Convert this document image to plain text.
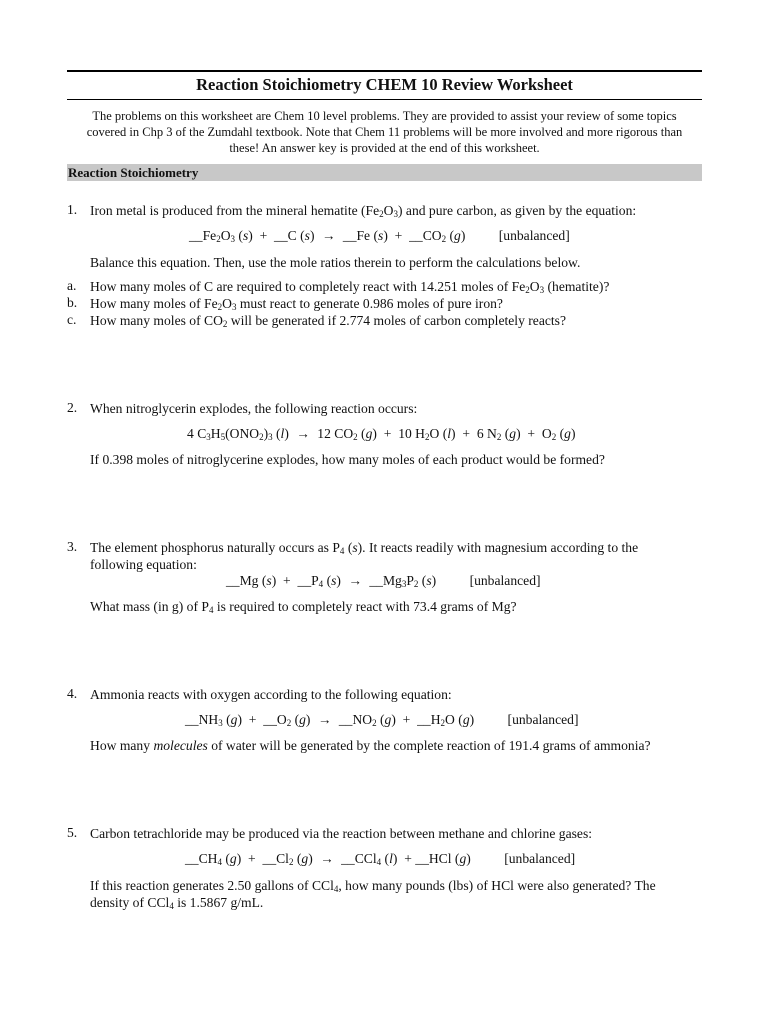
Reaction Stoichiometry CHEM 10 Review Worksheet
The problems on this worksheet are Chem 10 level problems. They are provided to assist your review of some topics
covered in Chp 3 of the Zumdahl textbook. Note that Chem 11 problems will be more involved and more rigorous than
these! An answer key is provided at the end of this worksheet.
Reaction Stoichiometry
1. Iron metal is produced from the mineral hematite $(Fe_2O_3)$ and pure carbon, as given by the equation:
$\_\_Fe_2O_3$ (s)  + __C (s) → __Fe $(s) + \_\_CO_2$ (g) [unbalanced]
Balance this equation. Then, use the mole ratios therein to perform the calculations below.
a. How many moles of C are required to completely react with 14.251 moles of $Fe_2O_3$ (hematite)?
b. How many moles of $Fe_2O_3$ must react to generate 0.986 moles of pure iron?
c. How many moles of $CO_2$ will be generated if 2.774 moles of carbon completely reacts?
2. When nitroglycerin explodes, the following reaction occurs:
4 $C_3H_5(ONO_2)_3$ (l) → 12 $CO_2$ (g)  + 10 $H_2O$ (l)  + 6 $N_2$ $(g) + O_2$ (g)
If 0.398 moles of nitroglycerine explodes, how many moles of each product would be formed?
3. The element phosphorus naturally occurs as $P_4$ (s). It reacts readily with magnesium according to the
following equation:
__Mg $(s) + \_\_P_4$ $(s) \to \_\_Mg_3P_2$ (s) [unbalanced]
What mass (in g) of $P_4$ is required to completely react with 73.4 grams of Mg?
4. Ammonia reacts with oxygen according to the following equation:
$\_\_NH_3$ $(g) + \_\_O_2$ $(g) \to \_\_NO_2$ $(g) + \_\_H_2O$ (g) [unbalanced]
How many molecules of water will be generated by the complete reaction of 191.4 grams of ammonia?
5. Carbon tetrachloride may be produced via the reaction between methane and chlorine gases:
$\_\_CH_4$ $(g) + \_\_Cl_2$ (g) → __CCl$_4$ (l)  + __HCl (g) [unbalanced]
If this reaction generates 2.50 gallons of CCl$_4$, how many pounds (lbs) of HCl were also generated? The
density of CCl$_4$ is 1.5867 g/mL.
